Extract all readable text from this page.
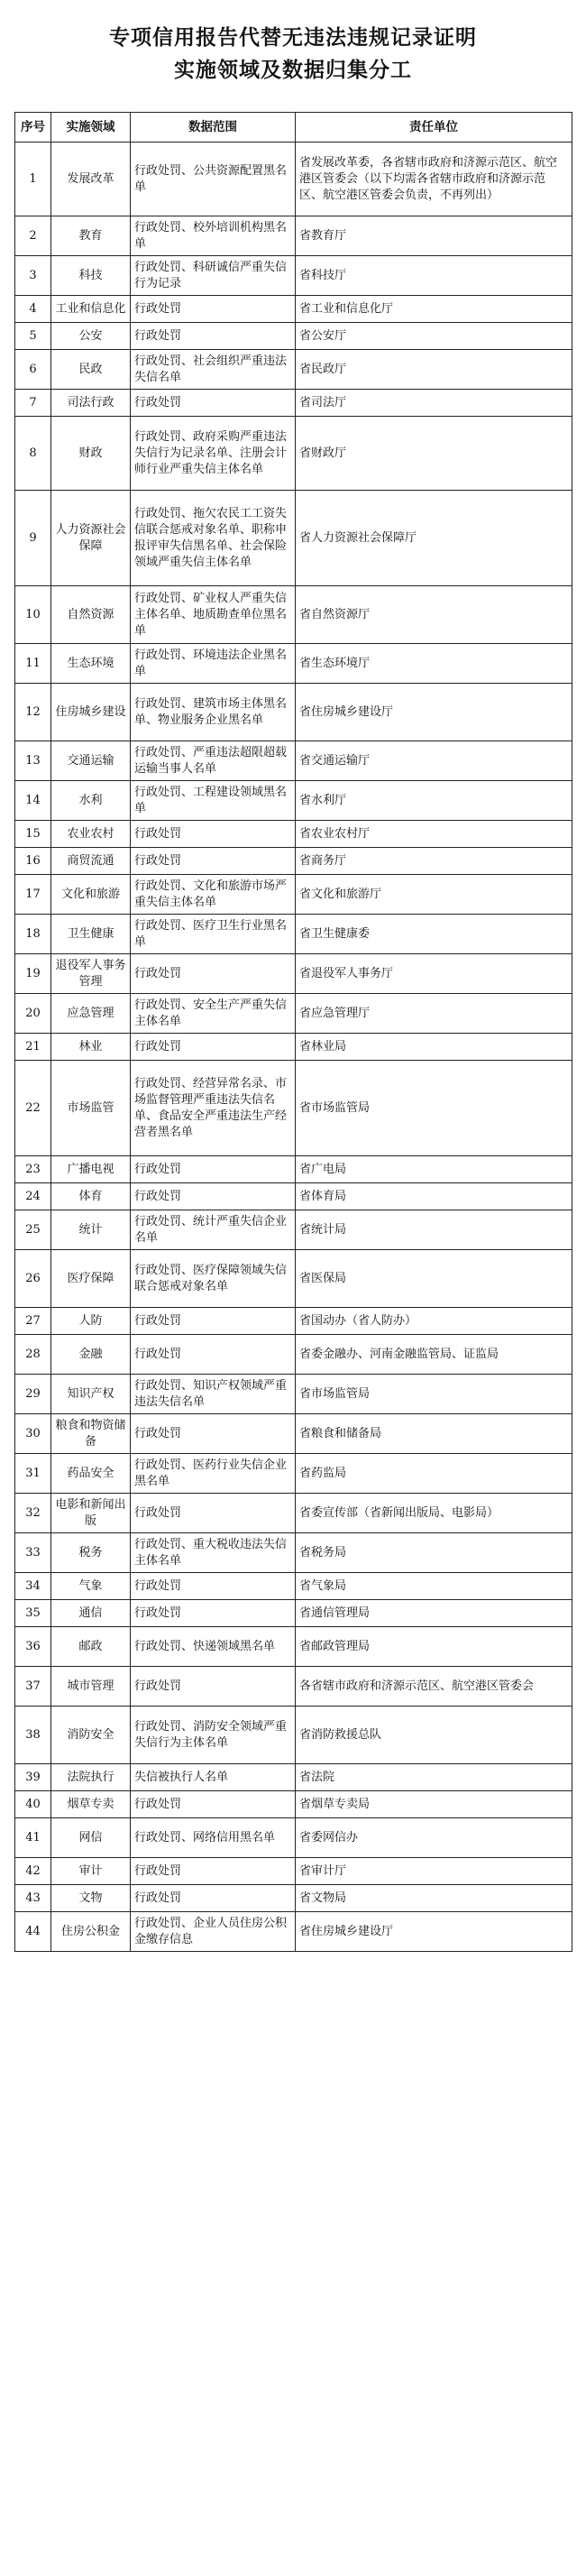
专项信用报告代替无违法违规记录证明
实施领域及数据归集分工
序号	实施领域	数据范围	责任单位
1	发展改革	行政处罚、公共资源配置黑名单	省发展改革委，各省辖市政府和济源示范区、航空港区管委会（以下均需各省辖市政府和济源示范区、航空港区管委会负责，不再列出）
2	教育	行政处罚、校外培训机构黑名单	省教育厅
3	科技	行政处罚、科研诚信严重失信行为记录	省科技厅
4	工业和信息化	行政处罚	省工业和信息化厅
5	公安	行政处罚	省公安厅
6	民政	行政处罚、社会组织严重违法失信名单	省民政厅
7	司法行政	行政处罚	省司法厅
8	财政	行政处罚、政府采购严重违法失信行为记录名单、注册会计师行业严重失信主体名单	省财政厅
9	人力资源社会保障	行政处罚、拖欠农民工工资失信联合惩戒对象名单、职称申报评审失信黑名单、社会保险领域严重失信主体名单	省人力资源社会保障厅
10	自然资源	行政处罚、矿业权人严重失信主体名单、地质勘查单位黑名单	省自然资源厅
11	生态环境	行政处罚、环境违法企业黑名单	省生态环境厅
12	住房城乡建设	行政处罚、建筑市场主体黑名单、物业服务企业黑名单	省住房城乡建设厅
13	交通运输	行政处罚、严重违法超限超载运输当事人名单	省交通运输厅
14	水利	行政处罚、工程建设领域黑名单	省水利厅
15	农业农村	行政处罚	省农业农村厅
16	商贸流通	行政处罚	省商务厅
17	文化和旅游	行政处罚、文化和旅游市场严重失信主体名单	省文化和旅游厅
18	卫生健康	行政处罚、医疗卫生行业黑名单	省卫生健康委
19	退役军人事务管理	行政处罚	省退役军人事务厅
20	应急管理	行政处罚、安全生产严重失信主体名单	省应急管理厅
21	林业	行政处罚	省林业局
22	市场监管	行政处罚、经营异常名录、市场监督管理严重违法失信名单、食品安全严重违法生产经营者黑名单	省市场监管局
23	广播电视	行政处罚	省广电局
24	体育	行政处罚	省体育局
25	统计	行政处罚、统计严重失信企业名单	省统计局
26	医疗保障	行政处罚、医疗保障领域失信联合惩戒对象名单	省医保局
27	人防	行政处罚	省国动办（省人防办）
28	金融	行政处罚	省委金融办、河南金融监管局、证监局
29	知识产权	行政处罚、知识产权领域严重违法失信名单	省市场监管局
30	粮食和物资储备	行政处罚	省粮食和储备局
31	药品安全	行政处罚、医药行业失信企业黑名单	省药监局
32	电影和新闻出版	行政处罚	省委宣传部（省新闻出版局、电影局）
33	税务	行政处罚、重大税收违法失信主体名单	省税务局
34	气象	行政处罚	省气象局
35	通信	行政处罚	省通信管理局
36	邮政	行政处罚、快递领域黑名单	省邮政管理局
37	城市管理	行政处罚	各省辖市政府和济源示范区、航空港区管委会
38	消防安全	行政处罚、消防安全领域严重失信行为主体名单	省消防救援总队
39	法院执行	失信被执行人名单	省法院
40	烟草专卖	行政处罚	省烟草专卖局
41	网信	行政处罚、网络信用黑名单	省委网信办
42	审计	行政处罚	省审计厅
43	文物	行政处罚	省文物局
44	住房公积金	行政处罚、企业人员住房公积金缴存信息	省住房城乡建设厅
